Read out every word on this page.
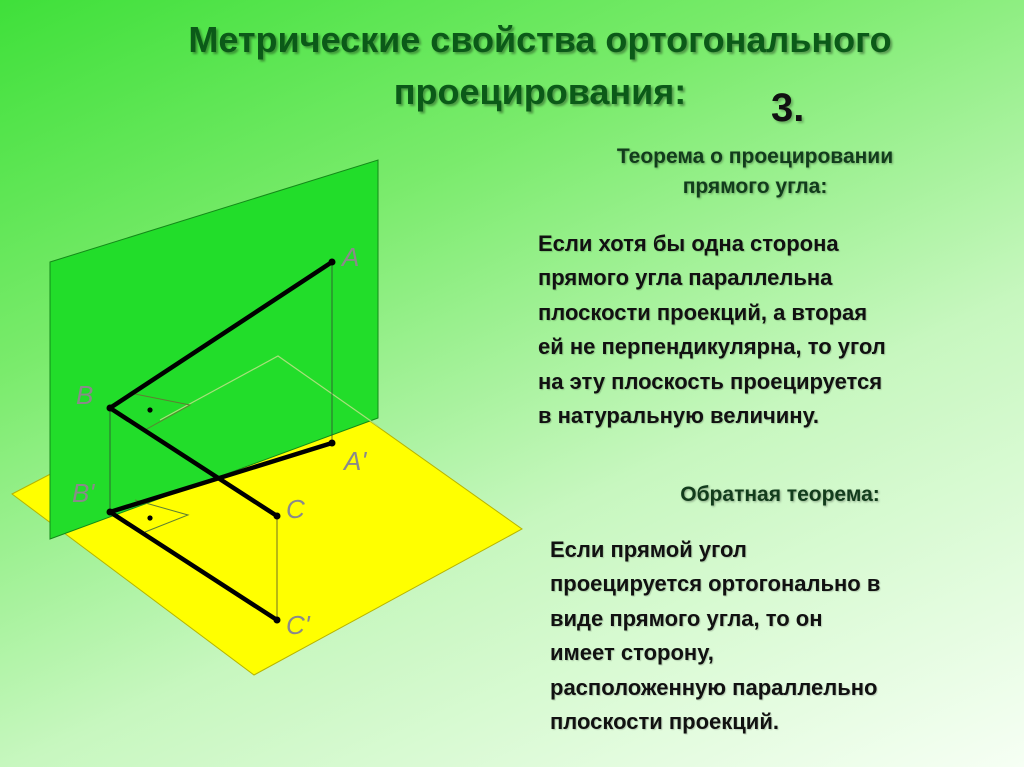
Метрические свойства ортогонального
проецирования:	3.
A
A'
B
B'
C
C'
Теорема о проецировании
прямого угла:

Если хотя бы одна сторона
прямого угла параллельна
плоскости проекций, а вторая
ей не перпендикулярна, то угол
на эту плоскость проецируется
в натуральную величину.

Обратная теорема:

Если прямой угол
проецируется ортогонально в
виде прямого угла, то он
имеет сторону,
расположенную параллельно
плоскости проекций.
